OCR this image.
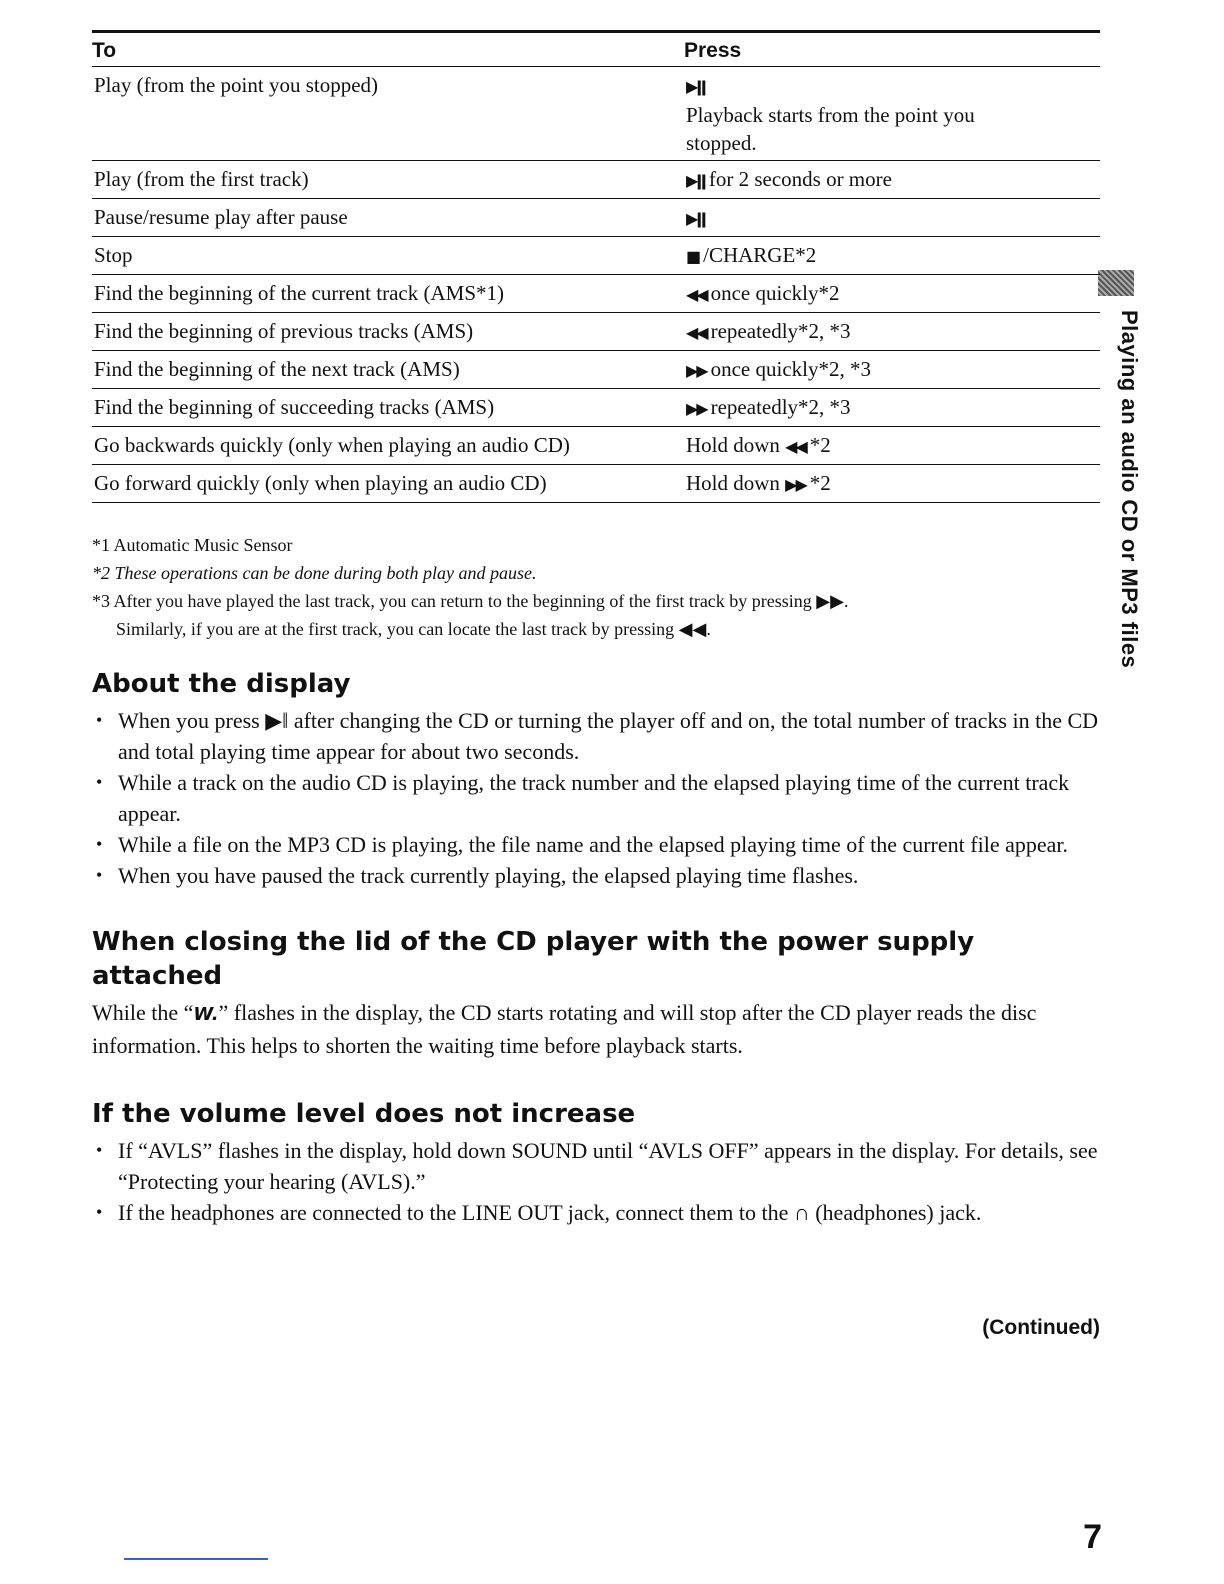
Playing an audio CD or MP3 files
To	Press
Play (from the point you stopped)	▶ǁ
Playback starts from the point you stopped.

Play (from the first track)	▶ǁ for 2 seconds or more
Pause/resume play after pause	▶ǁ
Stop	■ /CHARGE*2
Find the beginning of the current track (AMS*1)	◀◀ once quickly*2
Find the beginning of previous tracks (AMS)	◀◀ repeatedly*2, *3
Find the beginning of the next track (AMS)	▶▶ once quickly*2, *3
Find the beginning of succeeding tracks (AMS)	▶▶ repeatedly*2, *3
Go backwards quickly (only when playing an audio CD)	Hold down ◀◀ *2
Go forward quickly (only when playing an audio CD)	Hold down ▶▶ *2
*1 Automatic Music Sensor
*2 These operations can be done during both play and pause.
*3 After you have played the last track, you can return to the beginning of the first track by pressing ▶▶.
Similarly, if you are at the first track, you can locate the last track by pressing ◀◀.
About the display
• When you press ▶ǁ after changing the CD or turning the player off and on, the total number of tracks in the CD and total playing time appear for about two seconds.
• While a track on the audio CD is playing, the track number and the elapsed playing time of the current track appear.
• While a file on the MP3 CD is playing, the file name and the elapsed playing time of the current file appear.
• When you have paused the track currently playing, the elapsed playing time flashes.
When closing the lid of the CD player with the power supply attached
While the “W.” flashes in the display, the CD starts rotating and will stop after the CD player reads the disc information. This helps to shorten the waiting time before playback starts.
If the volume level does not increase
• If “AVLS” flashes in the display, hold down SOUND until “AVLS OFF” appears in the display. For details, see “Protecting your hearing (AVLS).”
• If the headphones are connected to the LINE OUT jack, connect them to the ∩ (headphones) jack.
(Continued)
7
